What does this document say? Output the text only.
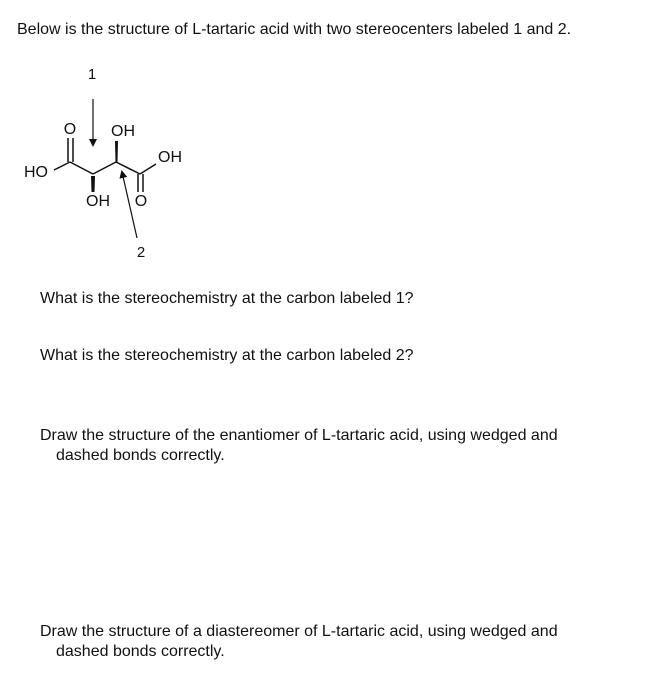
Below is the structure of L-tartaric acid with two stereocenters labeled 1 and 2.
1
O OH
OH
HO
OH O
2
What is the stereochemistry at the carbon labeled 1?
What is the stereochemistry at the carbon labeled 2?
Draw the structure of the enantiomer of L-tartaric acid, using wedged and
dashed bonds correctly.
Draw the structure of a diastereomer of L-tartaric acid, using wedged and
dashed bonds correctly.
